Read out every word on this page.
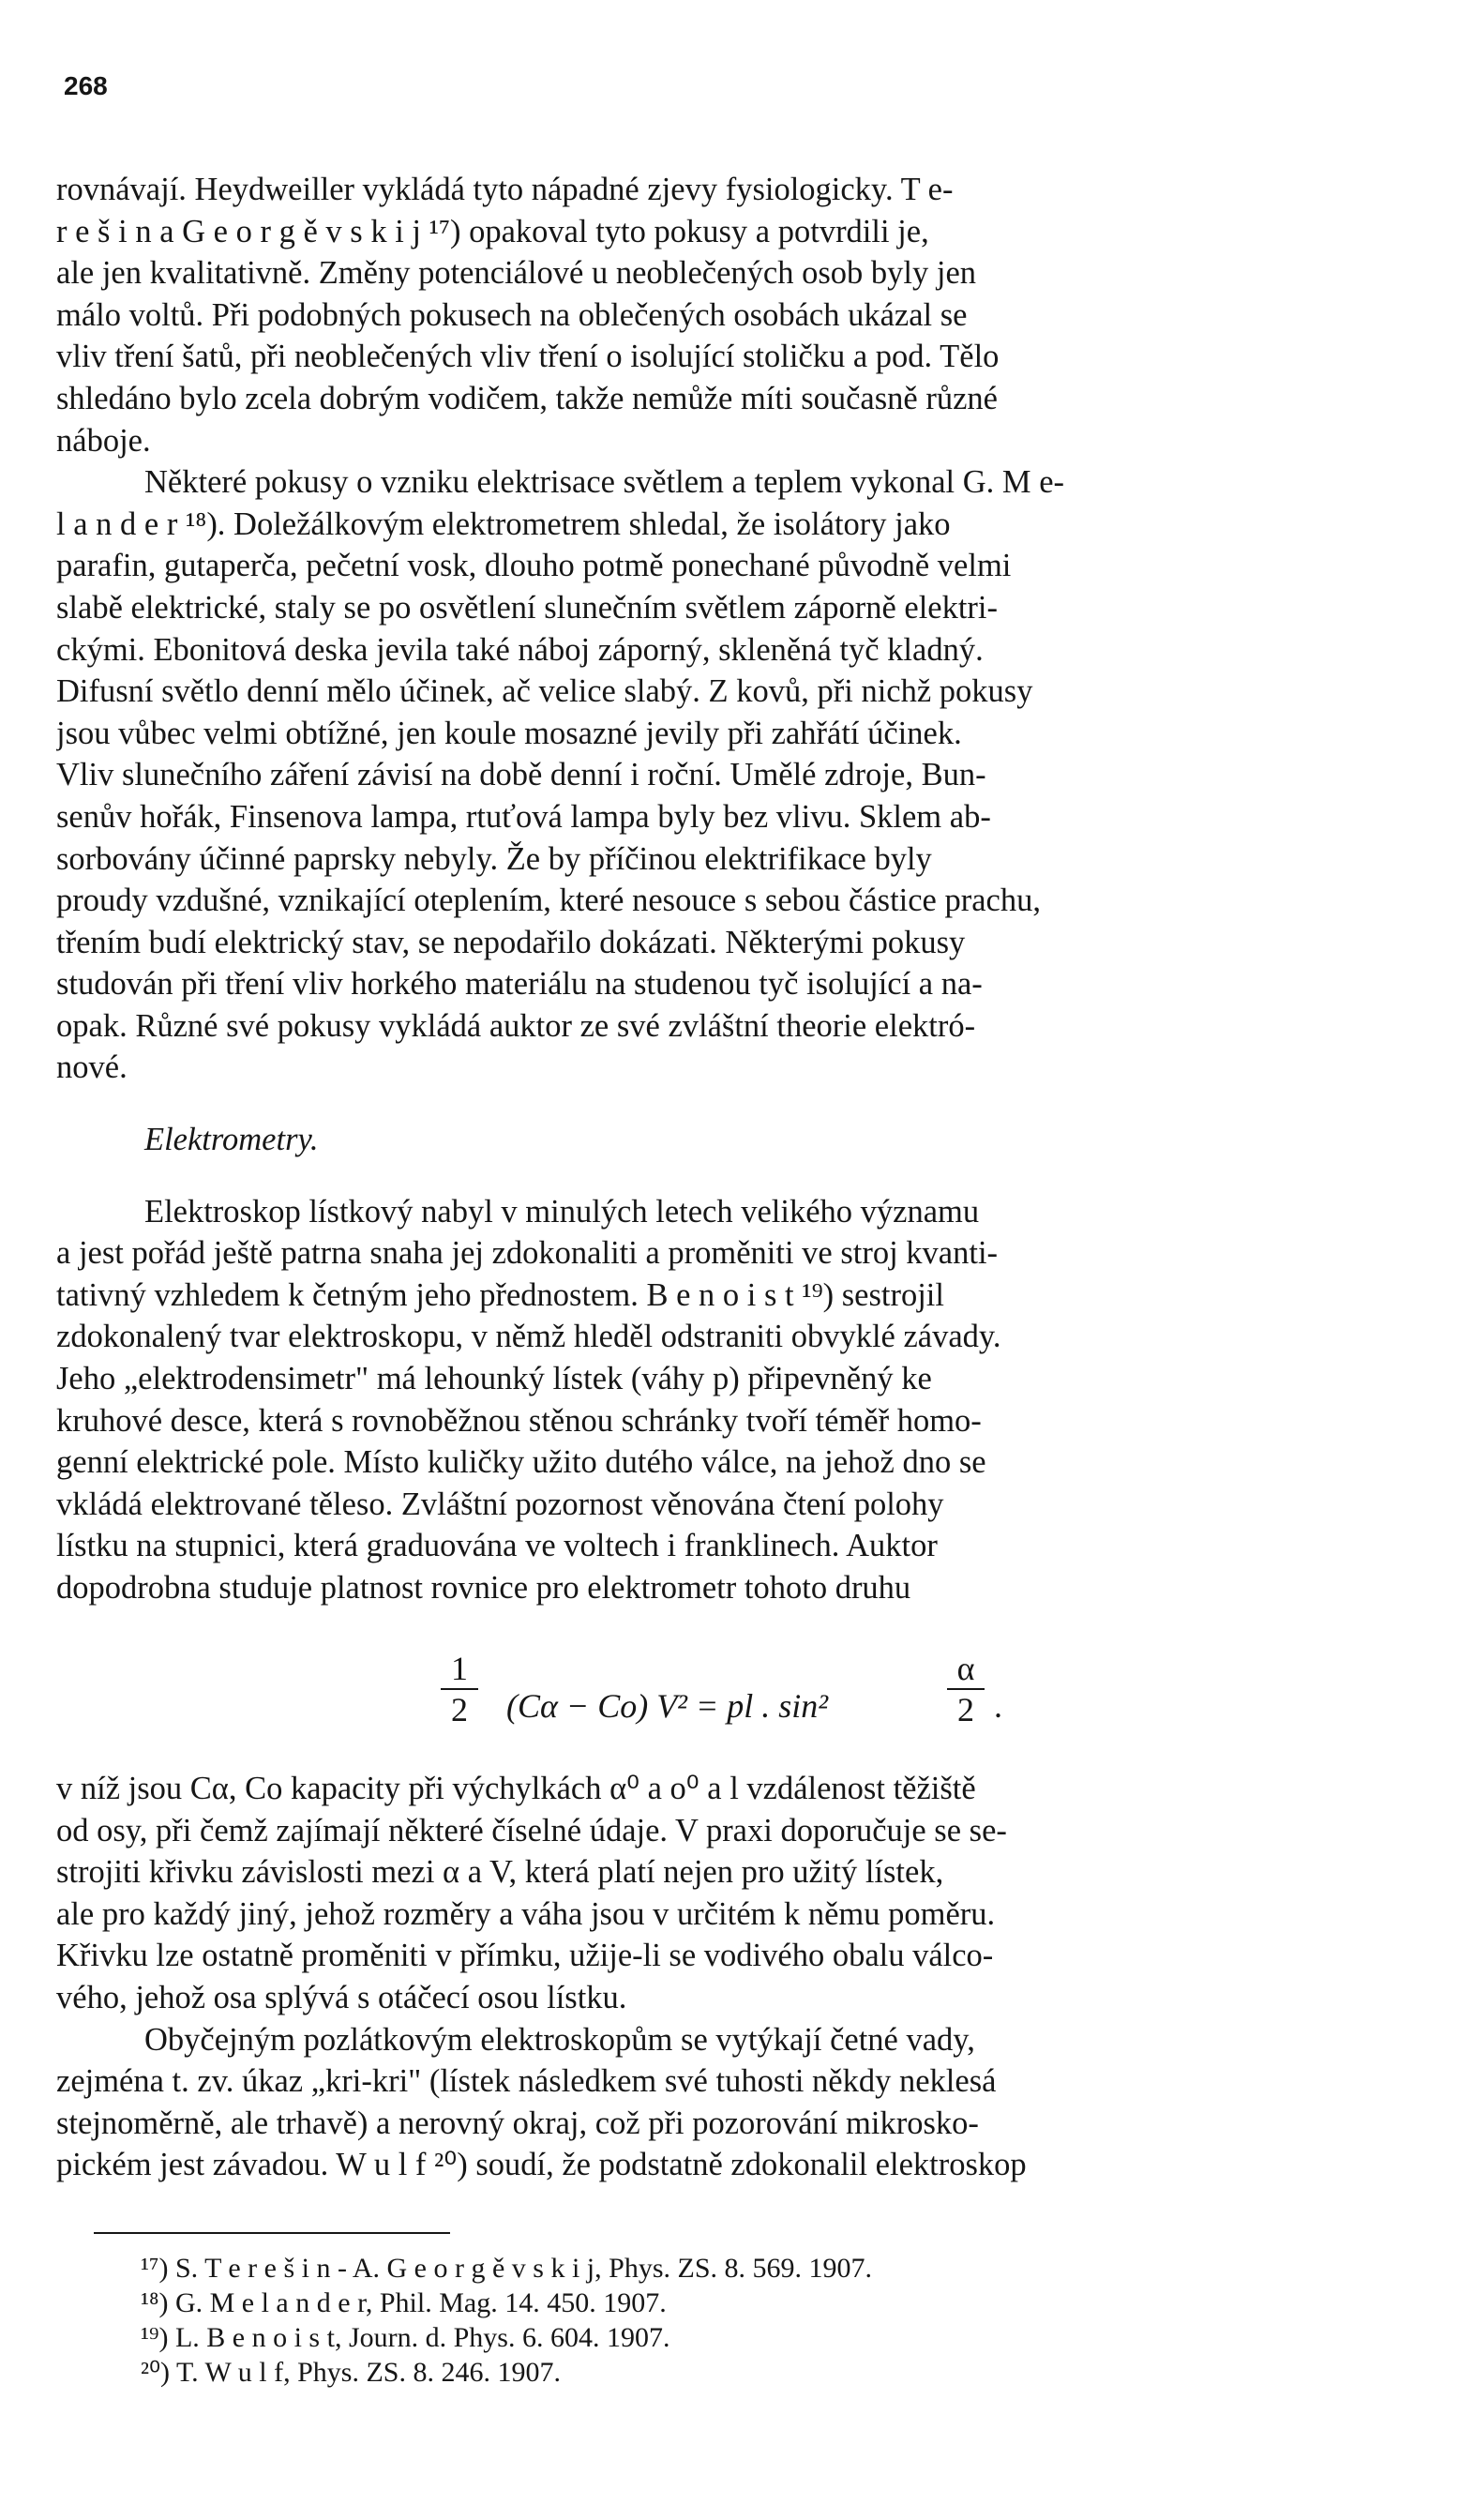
268
rovnávají. Heydweiller vykládá tyto nápadné zjevy fysiologicky. T e-
r e š i n a G e o r g ě v s k i j ¹⁷) opakoval tyto pokusy a potvrdili je,
ale jen kvalitativně. Změny potenciálové u neoblečených osob byly jen
málo voltů. Při podobných pokusech na oblečených osobách ukázal se
vliv tření šatů, při neoblečených vliv tření o isolující stoličku a pod. Tělo
shledáno bylo zcela dobrým vodičem, takže nemůže míti současně různé
náboje.
Některé pokusy o vzniku elektrisace světlem a teplem vykonal G. M e-
l a n d e r ¹⁸). Doležálkovým elektrometrem shledal, že isolátory jako
parafin, gutaperča, pečetní vosk, dlouho potmě ponechané původně velmi
slabě elektrické, staly se po osvětlení slunečním světlem záporně elektri-
ckými. Ebonitová deska jevila také náboj záporný, skleněná tyč kladný.
Difusní světlo denní mělo účinek, ač velice slabý. Z kovů, při nichž pokusy
jsou vůbec velmi obtížné, jen koule mosazné jevily při zahřátí účinek.
Vliv slunečního záření závisí na době denní i roční. Umělé zdroje, Bun-
senův hořák, Finsenova lampa, rtuťová lampa byly bez vlivu. Sklem ab-
sorbovány účinné paprsky nebyly. Že by příčinou elektrifikace byly
proudy vzdušné, vznikající oteplením, které nesouce s sebou částice prachu,
třením budí elektrický stav, se nepodařilo dokázati. Některými pokusy
studován při tření vliv horkého materiálu na studenou tyč isolující a na-
opak. Různé své pokusy vykládá auktor ze své zvláštní theorie elektró-
nové.
Elektrometry.
Elektroskop lístkový nabyl v minulých letech velikého významu
a jest pořád ještě patrna snaha jej zdokonaliti a proměniti ve stroj kvanti-
tativný vzhledem k četným jeho přednostem. B e n o i s t ¹⁹) sestrojil
zdokonalený tvar elektroskopu, v němž hleděl odstraniti obvyklé závady.
Jeho „elektrodensimetr" má lehounký lístek (váhy p) připevněný ke
kruhové desce, která s rovnoběžnou stěnou schránky tvoří téměř homo-
genní elektrické pole. Místo kuličky užito dutého válce, na jehož dno se
vkládá elektrované těleso. Zvláštní pozornost věnována čtení polohy
lístku na stupnici, která graduována ve voltech i franklinech. Auktor
dopodrobna studuje platnost rovnice pro elektrometr tohoto druhu
1
2	(Cα − Cο) V² = pl . sin²
α
2 .
v níž jsou Cα, Cο kapacity při výchylkách α⁰ a o⁰ a l vzdálenost těžiště
od osy, při čemž zajímají některé číselné údaje. V praxi doporučuje se se-
strojiti křivku závislosti mezi α a V, která platí nejen pro užitý lístek,
ale pro každý jiný, jehož rozměry a váha jsou v určitém k němu poměru.
Křivku lze ostatně proměniti v přímku, užije-li se vodivého obalu válco-
vého, jehož osa splývá s otáčecí osou lístku.
Obyčejným pozlátkovým elektroskopům se vytýkají četné vady,
zejména t. zv. úkaz „kri-kri" (lístek následkem své tuhosti někdy neklesá
stejnoměrně, ale trhavě) a nerovný okraj, což při pozorování mikrosko-
pickém jest závadou. W u l f ²⁰) soudí, že podstatně zdokonalil elektroskop
¹⁷) S. T e r e š i n - A. G e o r g ě v s k i j, Phys. ZS. 8. 569. 1907.
¹⁸) G. M e l a n d e r, Phil. Mag. 14. 450. 1907.
¹⁹) L. B e n o i s t, Journ. d. Phys. 6. 604. 1907.
²⁰) T. W u l f, Phys. ZS. 8. 246. 1907.
